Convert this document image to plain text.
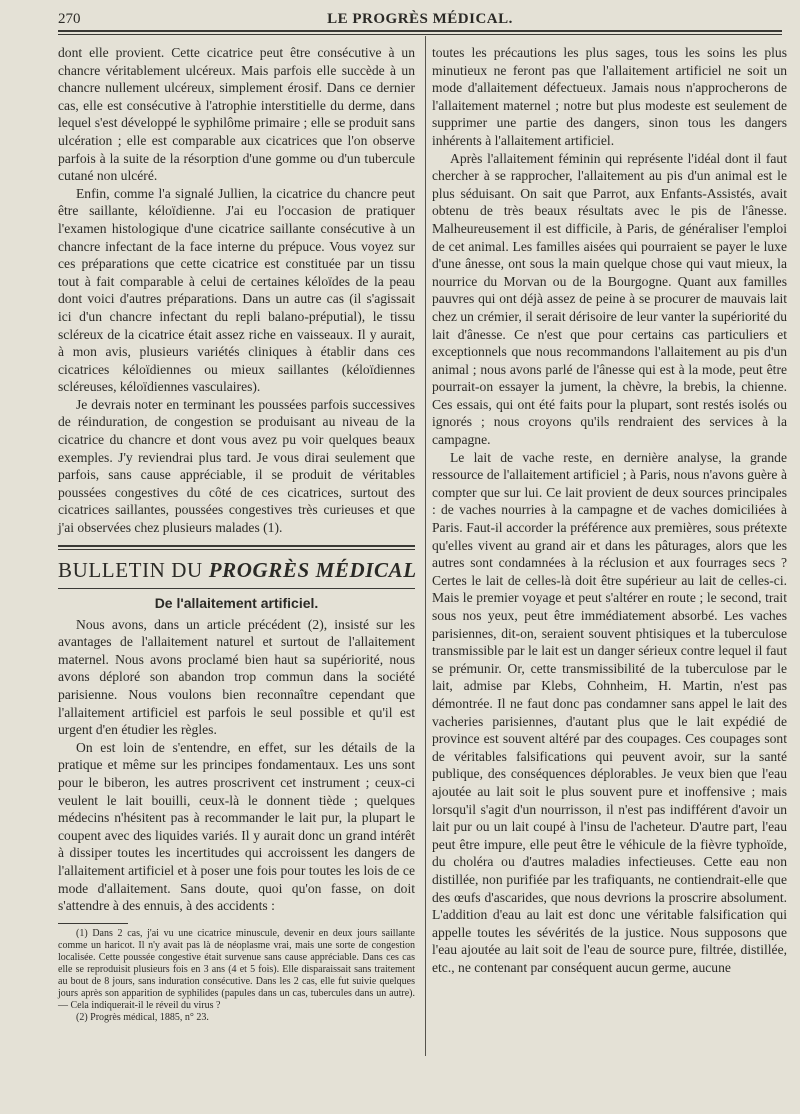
270	LE PROGRÈS MÉDICAL.

dont elle provient. Cette cicatrice peut être consécutive à un chancre véritablement ulcéreux. Mais parfois elle succède à un chancre nullement ulcéreux, simplement érosif. Dans ce dernier cas, elle est consécutive à l'atrophie interstitielle du derme, dans lequel s'est développé le syphilôme primaire ; elle se produit sans ulcération ; elle est comparable aux cicatrices que l'on observe parfois à la suite de la résorption d'une gomme ou d'un tubercule cutané non ulcéré.

Enfin, comme l'a signalé Jullien, la cicatrice du chancre peut être saillante, kéloïdienne. J'ai eu l'occasion de pratiquer l'examen histologique d'une cicatrice saillante consécutive à un chancre infectant de la face interne du prépuce. Vous voyez sur ces préparations que cette cicatrice est constituée par un tissu tout à fait comparable à celui de certaines kéloïdes de la peau dont voici d'autres préparations. Dans un autre cas (il s'agissait ici d'un chancre infectant du repli balano-préputial), le tissu scléreux de la cicatrice était assez riche en vaisseaux. Il y aurait, à mon avis, plusieurs variétés cliniques à établir dans ces cicatrices kéloïdiennes ou mieux saillantes (kéloïdiennes scléreuses, kéloïdiennes vasculaires).

Je devrais noter en terminant les poussées parfois successives de réinduration, de congestion se produisant au niveau de la cicatrice du chancre et dont vous avez pu voir quelques beaux exemples. J'y reviendrai plus tard. Je vous dirai seulement que parfois, sans cause appréciable, il se produit de véritables poussées congestives du côté de ces cicatrices, surtout des cicatrices saillantes, poussées congestives très curieuses et que j'ai observées chez plusieurs malades (1).

BULLETIN DU PROGRÈS MÉDICAL
De l'allaitement artificiel.

Nous avons, dans un article précédent (2), insisté sur les avantages de l'allaitement naturel et surtout de l'allaitement maternel. Nous avons proclamé bien haut sa supériorité, nous avons déploré son abandon trop commun dans la société parisienne. Nous voulons bien reconnaître cependant que l'allaitement artificiel est parfois le seul possible et qu'il est urgent d'en étudier les règles.

On est loin de s'entendre, en effet, sur les détails de la pratique et même sur les principes fondamentaux. Les uns sont pour le biberon, les autres proscrivent cet instrument ; ceux-ci veulent le lait bouilli, ceux-là le donnent tiède ; quelques médecins n'hésitent pas à recommander le lait pur, la plupart le coupent avec des liquides variés. Il y aurait donc un grand intérêt à dissiper toutes les incertitudes qui accroissent les dangers de l'allaitement artificiel et à poser une fois pour toutes les lois de ce mode d'allaitement. Sans doute, quoi qu'on fasse, on doit s'attendre à des ennuis, à des accidents :

(1) Dans 2 cas, j'ai vu une cicatrice minuscule, devenir en deux jours saillante comme un haricot. Il n'y avait pas là de néoplasme vrai, mais une sorte de congestion localisée. Cette poussée congestive était survenue sans cause appréciable. Dans ces cas elle se reproduisit plusieurs fois en 3 ans (4 et 5 fois). Elle disparaissait sans traitement au bout de 8 jours, sans induration consécutive. Dans les 2 cas, elle fut suivie quelques jours après son apparition de syphilides (papules dans un cas, tubercules dans un autre). — Cela indiquerait-il le réveil du virus ?

(2) Progrès médical, 1885, n° 23.

toutes les précautions les plus sages, tous les soins les plus minutieux ne feront pas que l'allaitement artificiel ne soit un mode d'allaitement défectueux. Jamais nous n'approcherons de l'allaitement maternel ; notre but plus modeste est seulement de supprimer une partie des dangers, sinon tous les dangers inhérents à l'allaitement artificiel.

Après l'allaitement féminin qui représente l'idéal dont il faut chercher à se rapprocher, l'allaitement au pis d'un animal est le plus séduisant. On sait que Parrot, aux Enfants-Assistés, avait obtenu de très beaux résultats avec le pis de l'ânesse. Malheureusement il est difficile, à Paris, de généraliser l'emploi de cet animal. Les familles aisées qui pourraient se payer le luxe d'une ânesse, ont sous la main quelque chose qui vaut mieux, la nourrice du Morvan ou de la Bourgogne. Quant aux familles pauvres qui ont déjà assez de peine à se procurer de mauvais lait chez un crémier, il serait dérisoire de leur vanter la supériorité du lait d'ânesse. Ce n'est que pour certains cas particuliers et exceptionnels que nous recommandons l'allaitement au pis d'un animal ; nous avons parlé de l'ânesse qui est à la mode, peut être pourrait-on essayer la jument, la chèvre, la brebis, la chienne. Ces essais, qui ont été faits pour la plupart, sont restés isolés ou ignorés ; nous croyons qu'ils rendraient des services à la campagne.

Le lait de vache reste, en dernière analyse, la grande ressource de l'allaitement artificiel ; à Paris, nous n'avons guère à compter que sur lui. Ce lait provient de deux sources principales : de vaches nourries à la campagne et de vaches domiciliées à Paris. Faut-il accorder la préférence aux premières, sous prétexte qu'elles vivent au grand air et dans les pâturages, alors que les autres sont condamnées à la réclusion et aux fourrages secs ? Certes le lait de celles-là doit être supérieur au lait de celles-ci. Mais le premier voyage et peut s'altérer en route ; le second, trait sous nos yeux, peut être immédiatement absorbé. Les vaches parisiennes, dit-on, seraient souvent phtisiques et la tuberculose transmissible par le lait est un danger sérieux contre lequel il faut se prémunir. Or, cette transmissibilité de la tuberculose par le lait, admise par Klebs, Cohnheim, H. Martin, n'est pas démontrée. Il ne faut donc pas condamner sans appel le lait des vacheries parisiennes, d'autant plus que le lait expédié de province est souvent altéré par des coupages. Ces coupages sont de véritables falsifications qui peuvent avoir, sur la santé publique, des conséquences déplorables. Je veux bien que l'eau ajoutée au lait soit le plus souvent pure et inoffensive ; mais lorsqu'il s'agit d'un nourrisson, il n'est pas indifférent d'avoir un lait pur ou un lait coupé à l'insu de l'acheteur. D'autre part, l'eau peut être impure, elle peut être le véhicule de la fièvre typhoïde, du choléra ou d'autres maladies infectieuses. Cette eau non distillée, non purifiée par les trafiquants, ne contiendrait-elle que des œufs d'ascarides, que nous devrions la proscrire absolument. L'addition d'eau au lait est donc une véritable falsification qui appelle toutes les sévérités de la justice. Nous supposons que l'eau ajoutée au lait soit de l'eau de source pure, filtrée, distillée, etc., ne contenant par conséquent aucun germe, aucune
